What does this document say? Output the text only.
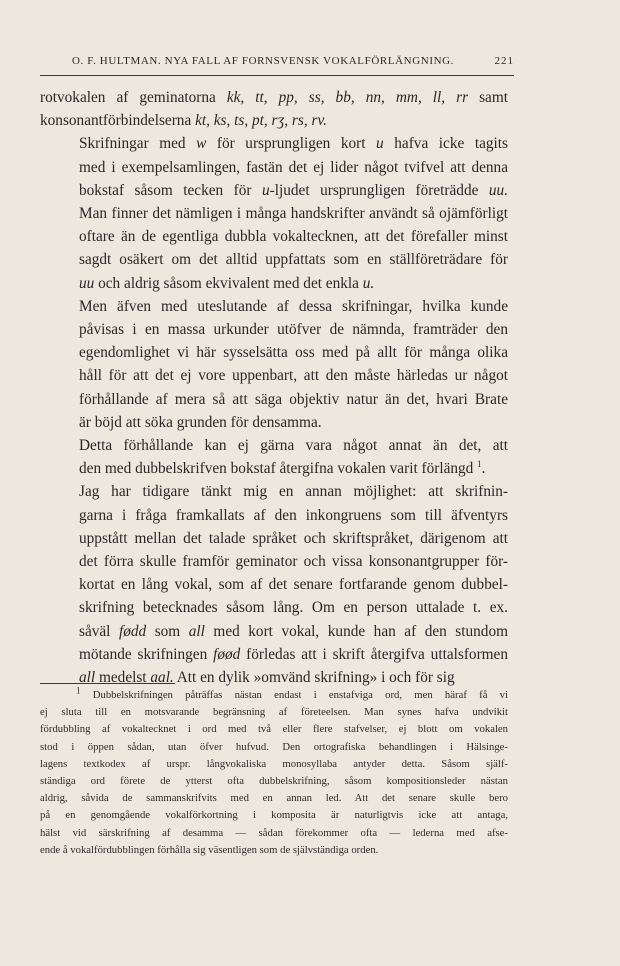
O. F. HULTMAN. NYA FALL AF FORNSVENSK VOKALFÖRLÄNGNING.	221

rotvokalen af geminatorna kk, tt, pp, ss, bb, nn, mm, ll, rr samt
konsonantförbindelserna kt, ks, ts, pt, rʒ, rs, rv.

Skrifningar med w för ursprungligen kort u hafva icke tagits
med i exempelsamlingen, fastän det ej lider något tvifvel att denna
bokstaf såsom tecken för u-ljudet ursprungligen företrädde uu.
Man finner det nämligen i många handskrifter användt så ojämförligt
oftare än de egentliga dubbla vokaltecknen, att det förefaller minst
sagdt osäkert om det alltid uppfattats som en ställföreträdare för
uu och aldrig såsom ekvivalent med det enkla u.

Men äfven med uteslutande af dessa skrifningar, hvilka kunde
påvisas i en massa urkunder utöfver de nämnda, framträder den
egendomlighet vi här sysselsätta oss med på allt för många olika
håll för att det ej vore uppenbart, att den måste härledas ur något
förhållande af mera så att säga objektiv natur än det, hvari Brate
är böjd att söka grunden för densamma.

Detta förhållande kan ej gärna vara något annat än det, att
den med dubbelskrifven bokstaf återgifna vokalen varit förlängd $^1$.

Jag har tidigare tänkt mig en annan möjlighet: att skrifnin-
garna i fråga framkallats af den inkongruens som till äfventyrs
uppstått mellan det talade språket och skriftspråket, därigenom att
det förra skulle framför geminator och vissa konsonantgrupper för-
kortat en lång vokal, som af det senare fortfarande genom dubbel-
skrifning betecknades såsom lång. Om en person uttalade t. ex.
såväl fødd som all med kort vokal, kunde han af den stundom
mötande skrifningen føød förledas att i skrift återgifva uttalsformen
all medelst aal. Att en dylik »omvänd skrifning» i och för sig

$^1$ Dubbelskrifningen påträffas nästan endast i enstafviga ord, men häraf få vi
ej sluta till en motsvarande begränsning af företeelsen. Man synes hafva undvikit
fördubbling af vokaltecknet i ord med två eller flere stafvelser, ej blott om vokalen
stod i öppen sådan, utan öfver hufvud. Den ortografiska behandlingen i Hälsinge-
lagens textkodex af urspr. långvokaliska monosyllaba antyder detta. Såsom själf-
ständiga ord förete de ytterst ofta dubbelskrifning, såsom kompositionsleder nästan
aldrig, såvida de sammanskrifvits med en annan led. Att det senare skulle bero
på en genomgående vokalförkortning i komposita är naturligtvis icke att antaga,
hälst vid särskrifning af desamma — sådan förekommer ofta — lederna med afse-
ende å vokalfördubblingen förhålla sig väsentligen som de självständiga orden.
